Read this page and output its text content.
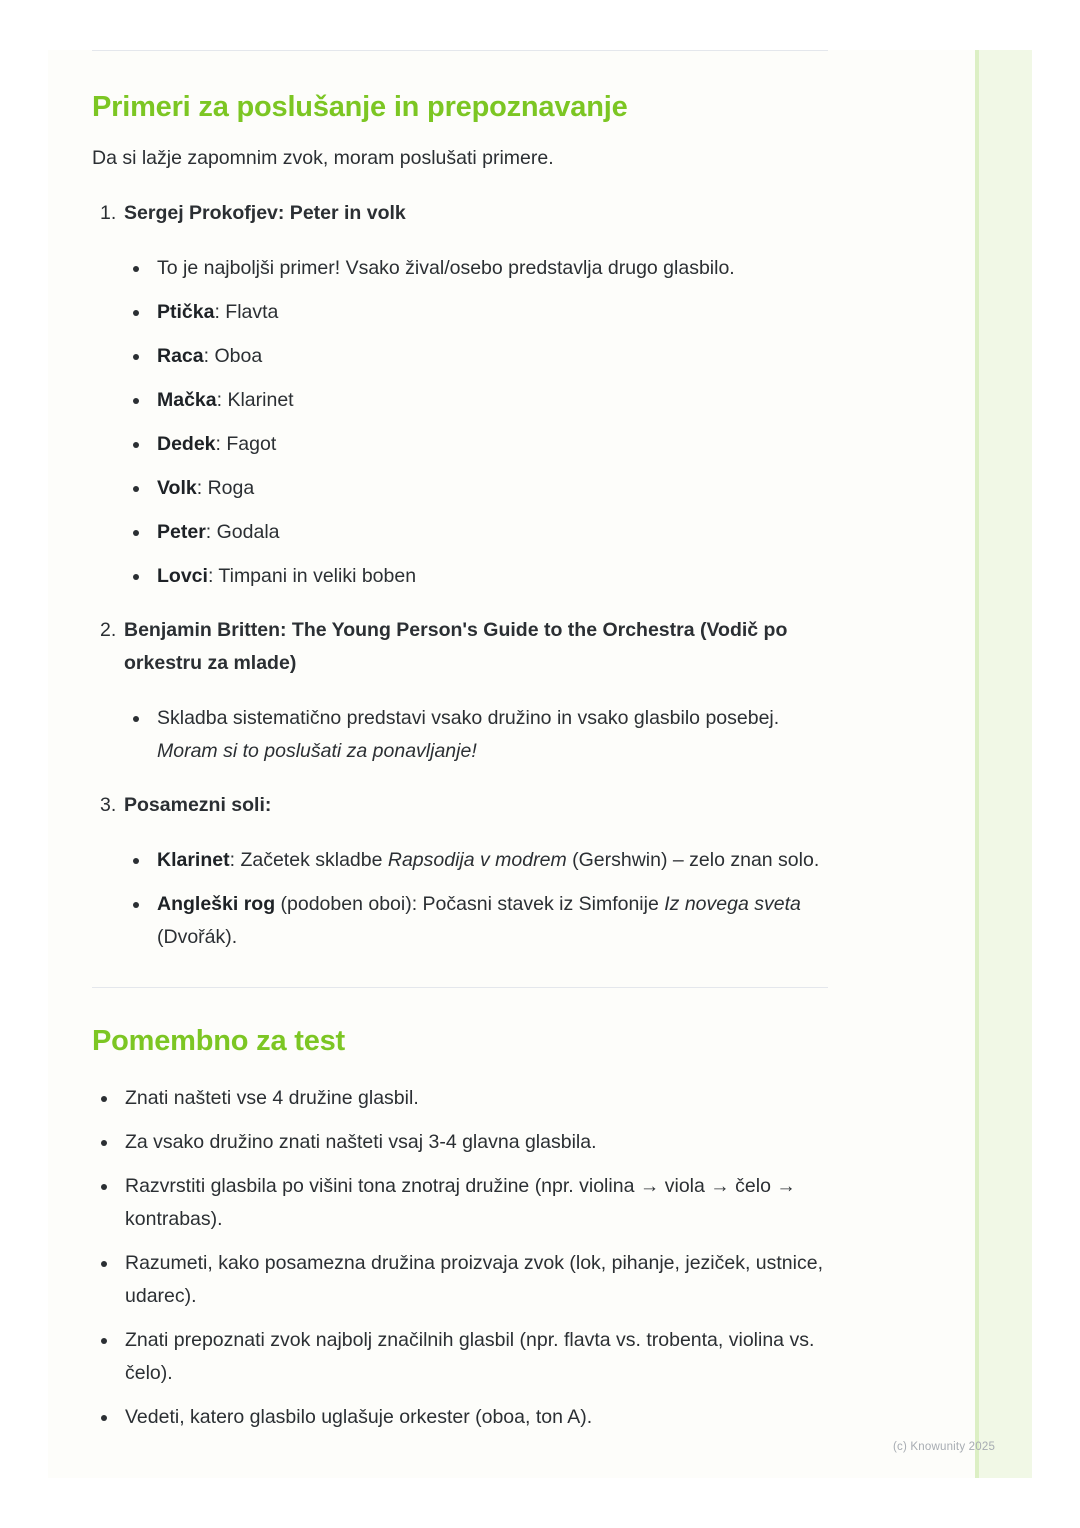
Primeri za poslušanje in prepoznavanje

Da si lažje zapomnim zvok, moram poslušati primere.

1. Sergej Prokofjev: Peter in volk
To je najboljši primer! Vsako žival/osebo predstavlja drugo glasbilo.
Ptička: Flavta
Raca: Oboa
Mačka: Klarinet
Dedek: Fagot
Volk: Roga
Peter: Godala
Lovci: Timpani in veliki boben
2. Benjamin Britten: The Young Person's Guide to the Orchestra (Vodič po orkestru za mlade)
Skladba sistematično predstavi vsako družino in vsako glasbilo posebej. Moram si to poslušati za ponavljanje!
3. Posamezni soli:
Klarinet: Začetek skladbe Rapsodija v modrem (Gershwin) – zelo znan solo.
Angleški rog (podoben oboi): Počasni stavek iz Simfonije Iz novega sveta (Dvořák).
Pomembno za test
Znati našteti vse 4 družine glasbil.
Za vsako družino znati našteti vsaj 3-4 glavna glasbila.
Razvrstiti glasbila po višini tona znotraj družine (npr. violina → viola → čelo → kontrabas).
Razumeti, kako posamezna družina proizvaja zvok (lok, pihanje, jeziček, ustnice, udarec).
Znati prepoznati zvok najbolj značilnih glasbil (npr. flavta vs. trobenta, violina vs. čelo).
Vedeti, katero glasbilo uglašuje orkester (oboa, ton A).
(c) Knowunity 2025
